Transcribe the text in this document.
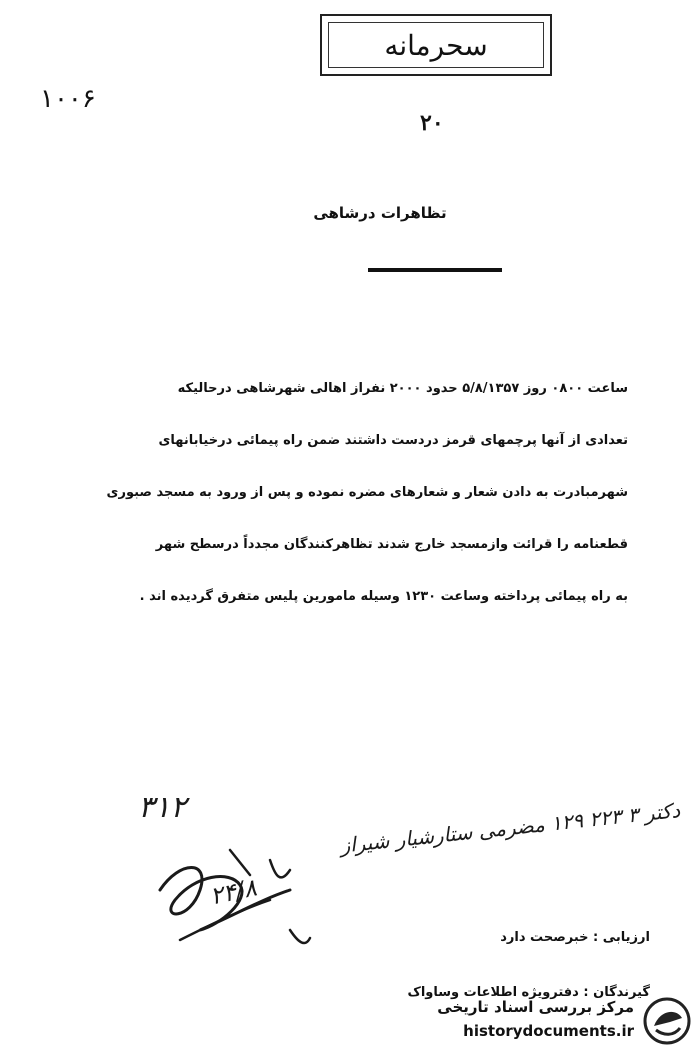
سحرمانه
۱۰۰۶
۲۰
تظاهرات درشاهی
ساعت ۰۸۰۰ روز ۵/۸/۱۳۵۷ حدود ۲۰۰۰ نفراز اهالی شهرشاهی درحالیکه
تعدادی از آنها پرچمهای قرمز دردست داشتند ضمن راه پیمائی درخیابانهای
شهرمبادرت به دادن شعار و شعارهای مضره نموده و پس از ورود به مسجد صبوری
قطعنامه را قرائت وازمسجد خارج شدند تظاهرکنندگان مجدداً درسطح شهر
به راه پیمائی پرداخته وساعت ۱۲۳۰ وسیله مامورین پلیس متفرق گردیده اند .
۳۱۲
دکتر ۳ ۲۲۳ ۱۲۹ مضرمی ستارشیار شیراز
۲۴/۸
ارزیابی : خبرصحت دارد
گیرندگان : دفترویژه اطلاعات وساواک
مرکز بررسی اسناد تاریخی
historydocuments.ir
